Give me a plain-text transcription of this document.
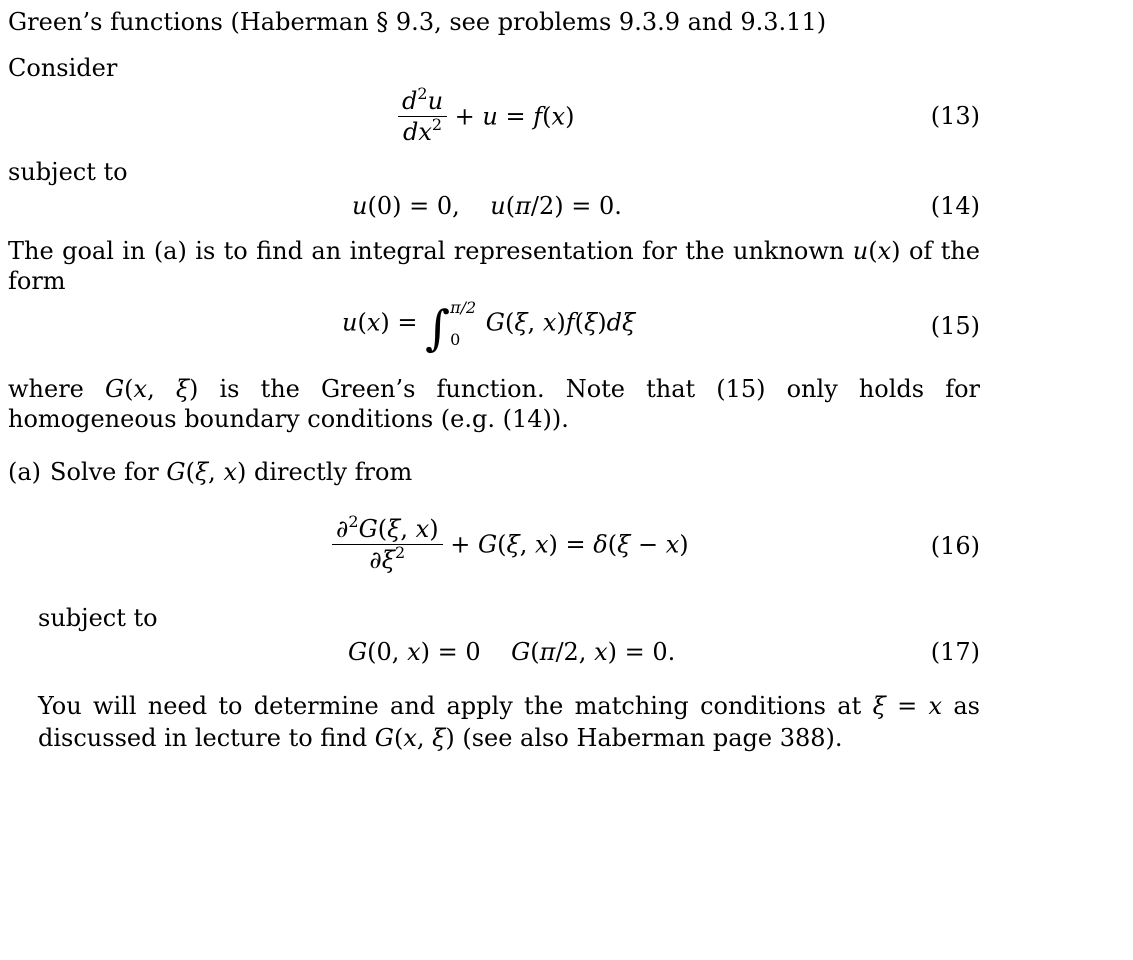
Green’s functions (Haberman § 9.3, see problems 9.3.9 and 9.3.11)
Consider
$\frac{d^2u}{dx^2} + u = f(x)$	(13)
subject to
u(0) = 0,    u(π/2) = 0.	(14)
The goal in (a) is to find an integral representation for the unknown u(x) of the form
u(x) = ∫ π/2
0
G(ξ, x)f(ξ)dξ	(15)
where G(x, ξ) is the Green’s function. Note that (15) only holds for homogeneous boundary conditions (e.g. (14)).
(a) Solve for G(ξ, x) directly from
$\frac{\partial^2G(\xi, x)}{\partial\xi^2} + G(\xi$, x) = δ(ξ − x)	(16)
subject to
G(0, x) = 0    G(π/2, x) = 0.	(17)
You will need to determine and apply the matching conditions at ξ = x as discussed in lecture to find G(x, ξ) (see also Haberman page 388).
